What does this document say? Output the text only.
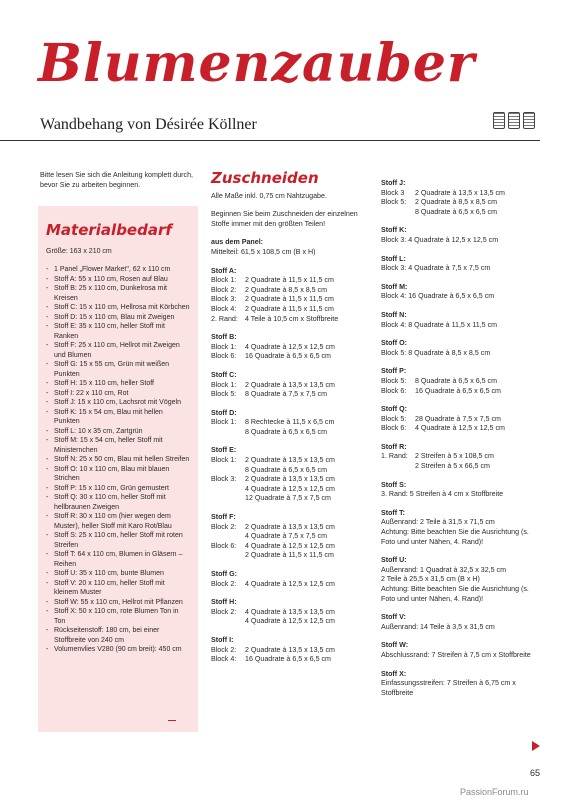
Blumenzauber
Wandbehang von Désirée Köllner
Bitte lesen Sie sich die Anleitung komplett durch, bevor Sie zu arbeiten beginnen.
Materialbedarf
Größe: 163 x 210 cm
- 1 Panel „Flower Market", 62 x 110 cm
- Stoff A: 55 x 110 cm, Rosen auf Blau
- Stoff B: 25 x 110 cm, Dunkelrosa mit Kreisen
- Stoff C: 15 x 110 cm, Hellrosa mit Körbchen
- Stoff D: 15 x 110 cm, Blau mit Zweigen
- Stoff E: 35 x 110 cm, heller Stoff mit Ranken
- Stoff F: 25 x 110 cm, Hellrot mit Zweigen und Blumen
- Stoff G: 15 x 55 cm, Grün mit weißen Punkten
- Stoff H: 15 x 110 cm, heller Stoff
- Stoff I: 22 x 110 cm, Rot
- Stoff J: 15 x 110 cm, Lachsrot mit Vögeln
- Stoff K: 15 x 54 cm, Blau mit hellen Punkten
- Stoff L: 10 x 35 cm, Zartgrün
- Stoff M: 15 x 54 cm, heller Stoff mit Ministernchen
- Stoff N: 25 x 50 cm, Blau mit hellen Streifen
- Stoff O: 10 x 110 cm, Blau mit blauen Strichen
- Stoff P: 15 x 110 cm, Grün gemustert
- Stoff Q: 30 x 110 cm, heller Stoff mit hellbraunen Zweigen
- Stoff R: 30 x 110 cm (hier wegen dem Muster), heller Stoff mit Karo Rot/Blau
- Stoff S: 25 x 110 cm, heller Stoff mit roten Streifen
- Stoff T: 64 x 110 cm, Blumen in Gläsern – Reihen
- Stoff U: 35 x 110 cm, bunte Blumen
- Stoff V: 20 x 110 cm, heller Stoff mit kleinem Muster
- Stoff W: 55 x 110 cm, Hellrot mit Pflanzen
- Stoff X: 50 x 110 cm, rote Blumen Ton in Ton
- Rückseitenstoff: 180 cm, bei einer Stoffbreite von 240 cm
- Volumenvlies V280 (90 cm breit): 450 cm
Zuschneiden
Alle Maße inkl. 0,75 cm Nahtzugabe.
Beginnen Sie beim Zuschneiden der einzelnen Stoffe immer mit den größten Teilen!
aus dem Panel:
Mittelteil: 61,5 x 108,5 cm (B x H)
Stoff A:
Block 1:	2 Quadrate à 11,5 x 11,5 cm
Block 2:	2 Quadrate à 8,5 x 8,5 cm
Block 3:	2 Quadrate à 11,5 x 11,5 cm
Block 4:	2 Quadrate à 11,5 x 11,5 cm
2. Rand:	4 Teile à 10,5 cm x Stoffbreite
Stoff B:
Block 1:	4 Quadrate à 12,5 x 12,5 cm
Block 6:	16 Quadrate à 6,5 x 6,5 cm
Stoff C:
Block 1:	2 Quadrate à 13,5 x 13,5 cm
Block 5:	8 Quadrate à 7,5 x 7,5 cm
Stoff D:
Block 1:	8 Rechtecke à 11,5 x 6,5 cm
8 Quadrate à 6,5 x 6,5 cm
Stoff E:
Block 1:	2 Quadrate à 13,5 x 13,5 cm
8 Quadrate à 6,5 x 6,5 cm
Block 3:	2 Quadrate à 13,5 x 13,5 cm
4 Quadrate à 12,5 x 12,5 cm
12 Quadrate à 7,5 x 7,5 cm
Stoff F:
Block 2:	2 Quadrate à 13,5 x 13,5 cm
4 Quadrate à 7,5 x 7,5 cm
Block 6:	4 Quadrate à 12,5 x 12,5 cm
2 Quadrate à 11,5 x 11,5 cm
Stoff G:
Block 2:	4 Quadrate à 12,5 x 12,5 cm
Stoff H:
Block 2:	4 Quadrate à 13,5 x 13,5 cm
4 Quadrate à 12,5 x 12,5 cm
Stoff I:
Block 2:	2 Quadrate à 13,5 x 13,5 cm
Block 4:	16 Quadrate à 6,5 x 6,5 cm
Stoff J:
Block 3	2 Quadrate à 13,5 x 13,5 cm
Block 5:	2 Quadrate à 8,5 x 8,5 cm
8 Quadrate à 6,5 x 6,5 cm
Stoff K:
Block 3: 4 Quadrate à 12,5 x 12,5 cm
Stoff L:
Block 3: 4 Quadrate à 7,5 x 7,5 cm
Stoff M:
Block 4: 16 Quadrate à 6,5 x 6,5 cm
Stoff N:
Block 4: 8 Quadrate à 11,5 x 11,5 cm
Stoff O:
Block 5: 8 Quadrate à 8,5 x 8,5 cm
Stoff P:
Block 5:	8 Quadrate à 6,5 x 6,5 cm
Block 6:	16 Quadrate à 6,5 x 6,5 cm
Stoff Q:
Block 5:	28 Quadrate à 7,5 x 7,5 cm
Block 6:	4 Quadrate à 12,5 x 12,5 cm
Stoff R:
1. Rand:	2 Streifen à 5 x 108,5 cm
2 Streifen à 5 x 66,5 cm
Stoff S:
3. Rand: 5 Streifen à 4 cm x Stoffbreite
Stoff T:
Außenrand: 2 Teile à 31,5 x 71,5 cm
Achtung: Bitte beachten Sie die Ausrichtung (s. Foto und unter Nähen, 4. Rand)!
Stoff U:
Außenrand: 1 Quadrat à 32,5 x 32,5 cm
2 Teile à 25,5 x 31,5 cm (B x H)
Achtung: Bitte beachten Sie die Ausrichtung (s. Foto und unter Nähen, 4. Rand)!
Stoff V:
Außenrand: 14 Teile à 3,5 x 31,5 cm
Stoff W:
Abschlussrand: 7 Streifen à 7,5 cm x Stoffbreite
Stoff X:
Einfassungsstreifen: 7 Streifen à 6,75 cm x Stoffbreite
65
PassionForum.ru
